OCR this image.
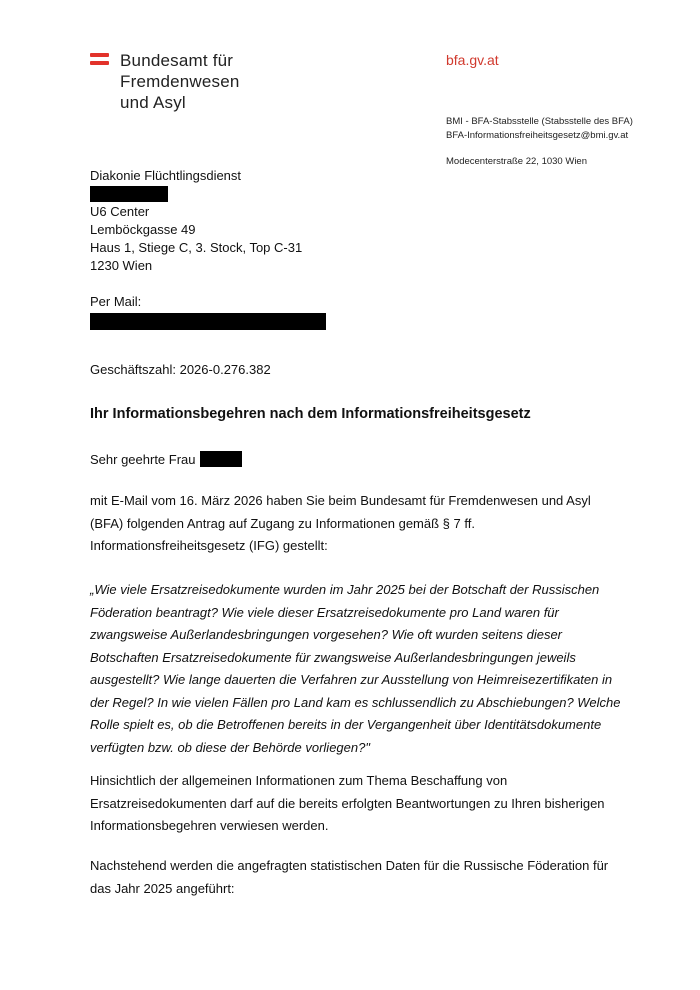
Bundesamt für
Fremdenwesen
und Asyl
bfa.gv.at
BMI - BFA-Stabsstelle (Stabsstelle des BFA)
BFA-Informationsfreiheitsgesetz@bmi.gv.at
Modecenterstraße 22, 1030 Wien
Diakonie Flüchtlingsdienst
U6 Center
Lemböckgasse 49
Haus 1, Stiege C, 3. Stock, Top C-31
1230 Wien
Per Mail:
Geschäftszahl: 2026-0.276.382
Ihr Informationsbegehren nach dem Informationsfreiheitsgesetz
Sehr geehrte Frau
mit E-Mail vom 16. März 2026 haben Sie beim Bundesamt für Fremdenwesen und Asyl
(BFA) folgenden Antrag auf Zugang zu Informationen gemäß § 7 ff.
Informationsfreiheitsgesetz (IFG) gestellt:
„Wie viele Ersatzreisedokumente wurden im Jahr 2025 bei der Botschaft der Russischen
Föderation beantragt? Wie viele dieser Ersatzreisedokumente pro Land waren für
zwangsweise Außerlandesbringungen vorgesehen? Wie oft wurden seitens dieser
Botschaften Ersatzreisedokumente für zwangsweise Außerlandesbringungen jeweils
ausgestellt? Wie lange dauerten die Verfahren zur Ausstellung von Heimreisezertifikaten in
der Regel? In wie vielen Fällen pro Land kam es schlussendlich zu Abschiebungen? Welche
Rolle spielt es, ob die Betroffenen bereits in der Vergangenheit über Identitätsdokumente
verfügten bzw. ob diese der Behörde vorliegen?"
Hinsichtlich der allgemeinen Informationen zum Thema Beschaffung von
Ersatzreisedokumenten darf auf die bereits erfolgten Beantwortungen zu Ihren bisherigen
Informationsbegehren verwiesen werden.
Nachstehend werden die angefragten statistischen Daten für die Russische Föderation für
das Jahr 2025 angeführt:
